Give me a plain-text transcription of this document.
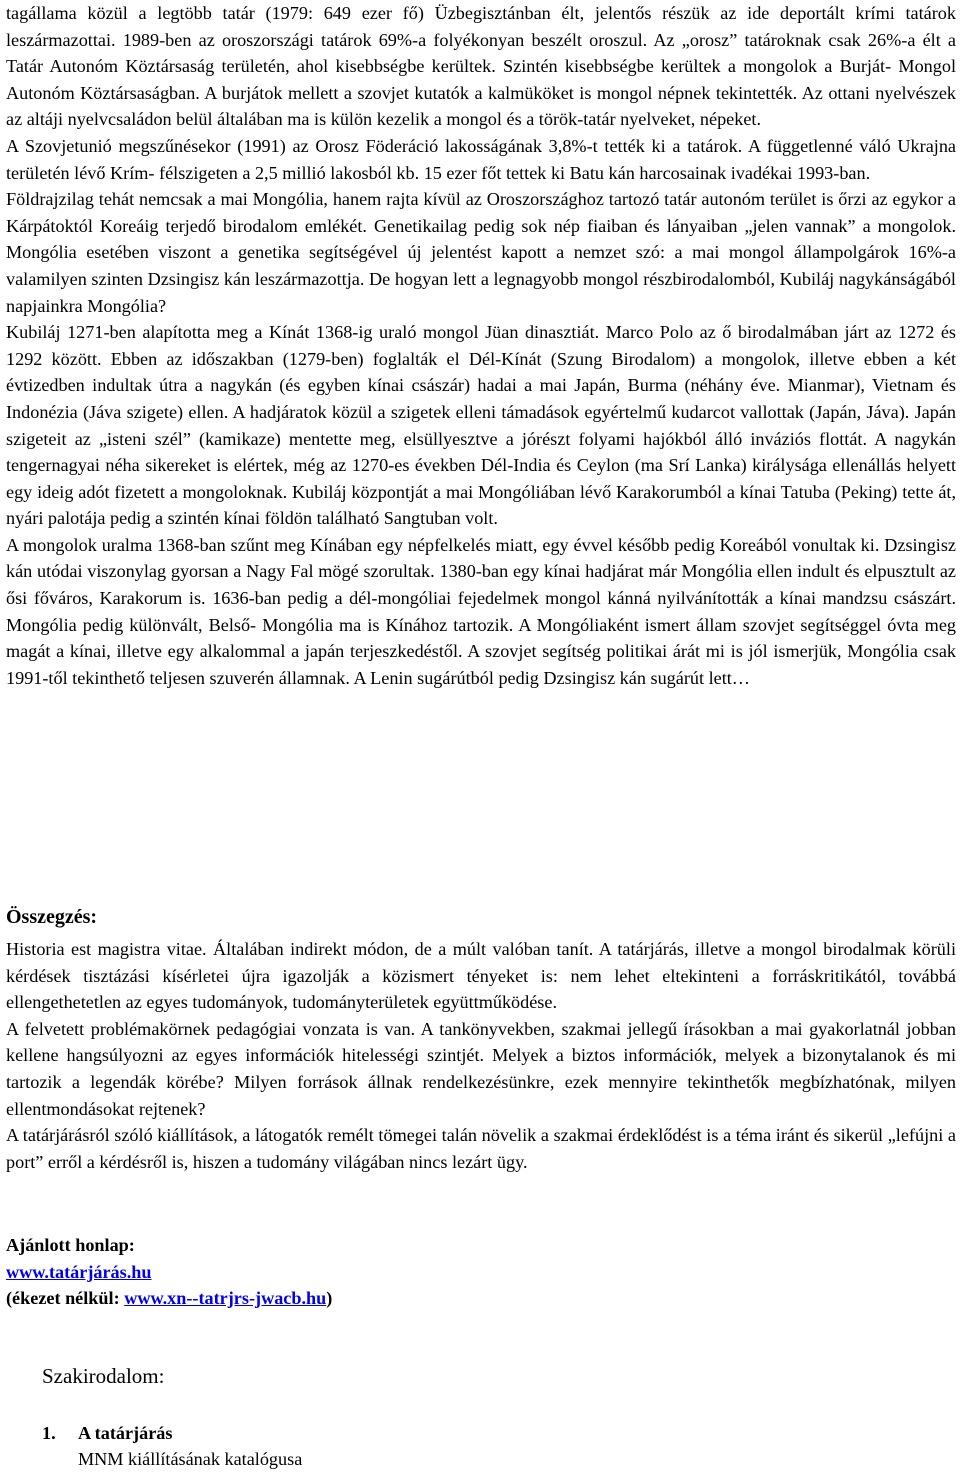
tagállama közül a legtöbb tatár (1979: 649 ezer fő) Üzbegisztánban élt, jelentős részük az ide deportált krími tatárok leszármazottai. 1989-ben az oroszországi tatárok 69%-a folyékonyan beszélt oroszul. Az „orosz” tatároknak csak 26%-a élt a Tatár Autonóm Köztársaság területén, ahol kisebbségbe kerültek. Szintén kisebbségbe kerültek a mongolok a Burját- Mongol Autonóm Köztársaságban. A burjátok mellett a szovjet kutatók a kalmüköket is mongol népnek tekintették. Az ottani nyelvészek az altáji nyelvcsaládon belül általában ma is külön kezelik a mongol és a török-tatár nyelveket, népeket.

A Szovjetunió megszűnésekor (1991) az Orosz Föderáció lakosságának 3,8%-t tették ki a tatárok. A függetlenné váló Ukrajna területén lévő Krím- félszigeten a 2,5 millió lakosból kb. 15 ezer főt tettek ki Batu kán harcosainak ivadékai 1993-ban.

Földrajzilag tehát nemcsak a mai Mongólia, hanem rajta kívül az Oroszországhoz tartozó tatár autonóm terület is őrzi az egykor a Kárpátoktól Koreáig terjedő birodalom emlékét. Genetikailag pedig sok nép fiaiban és lányaiban „jelen vannak” a mongolok. Mongólia esetében viszont a genetika segítségével új jelentést kapott a nemzet szó: a mai mongol állampolgárok 16%-a valamilyen szinten Dzsingisz kán leszármazottja. De hogyan lett a legnagyobb mongol részbirodalomból, Kubiláj nagykánságából napjainkra Mongólia?

Kubiláj 1271-ben alapította meg a Kínát 1368-ig uraló mongol Jüan dinasztiát. Marco Polo az ő birodalmában járt az 1272 és 1292 között. Ebben az időszakban (1279-ben) foglalták el Dél-Kínát (Szung Birodalom) a mongolok, illetve ebben a két évtizedben indultak útra a nagykán (és egyben kínai császár) hadai a mai Japán, Burma (néhány éve. Mianmar), Vietnam és Indonézia (Jáva szigete) ellen. A hadjáratok közül a szigetek elleni támadások egyértelmű kudarcot vallottak (Japán, Jáva). Japán szigeteit az „isteni szél” (kamikaze) mentette meg, elsüllyesztve a jórészt folyami hajókból álló inváziós flottát. A nagykán tengernagyai néha sikereket is elértek, még az 1270-es években Dél-India és Ceylon (ma Srí Lanka) királysága ellenállás helyett egy ideig adót fizetett a mongoloknak. Kubiláj központját a mai Mongóliában lévő Karakorumból a kínai Tatuba (Peking) tette át, nyári palotája pedig a szintén kínai földön található Sangtuban volt.

A mongolok uralma 1368-ban szűnt meg Kínában egy népfelkelés miatt, egy évvel később pedig Koreából vonultak ki. Dzsingisz kán utódai viszonylag gyorsan a Nagy Fal mögé szorultak. 1380-ban egy kínai hadjárat már Mongólia ellen indult és elpusztult az ősi főváros, Karakorum is. 1636-ban pedig a dél-mongóliai fejedelmek mongol kánná nyilvánították a kínai mandzsu császárt. Mongólia pedig különvált, Belső- Mongólia ma is Kínához tartozik. A Mongóliaként ismert állam szovjet segítséggel óvta meg magát a kínai, illetve egy alkalommal a japán terjeszkedéstől. A szovjet segítség politikai árát mi is jól ismerjük, Mongólia csak 1991-től tekinthető teljesen szuverén államnak. A Lenin sugárútból pedig Dzsingisz kán sugárút lett…

Összegzés:

Historia est magistra vitae. Általában indirekt módon, de a múlt valóban tanít. A tatárjárás, illetve a mongol birodalmak körüli kérdések tisztázási kísérletei újra igazolják a közismert tényeket is: nem lehet eltekinteni a forráskritikától, továbbá ellengethetetlen az egyes tudományok, tudományterületek együttműködése.

A felvetett problémakörnek pedagógiai vonzata is van. A tankönyvekben, szakmai jellegű írásokban a mai gyakorlatnál jobban kellene hangsúlyozni az egyes információk hitelességi szintjét. Melyek a biztos információk, melyek a bizonytalanok és mi tartozik a legendák körébe? Milyen források állnak rendelkezésünkre, ezek mennyire tekinthetők megbízhatónak, milyen ellentmondásokat rejtenek?

A tatárjárásról szóló kiállítások, a látogatók remélt tömegei talán növelik a szakmai érdeklődést is a téma iránt és sikerül „lefújni a port” erről a kérdésről is, hiszen a tudomány világában nincs lezárt ügy.

Ajánlott honlap:
www.tatárjárás.hu
(ékezet nélkül: www.xn--tatrjrs-jwacb.hu)
Szakirodalom:
1. A tatárjárás
MNM kiállításának katalógusa
